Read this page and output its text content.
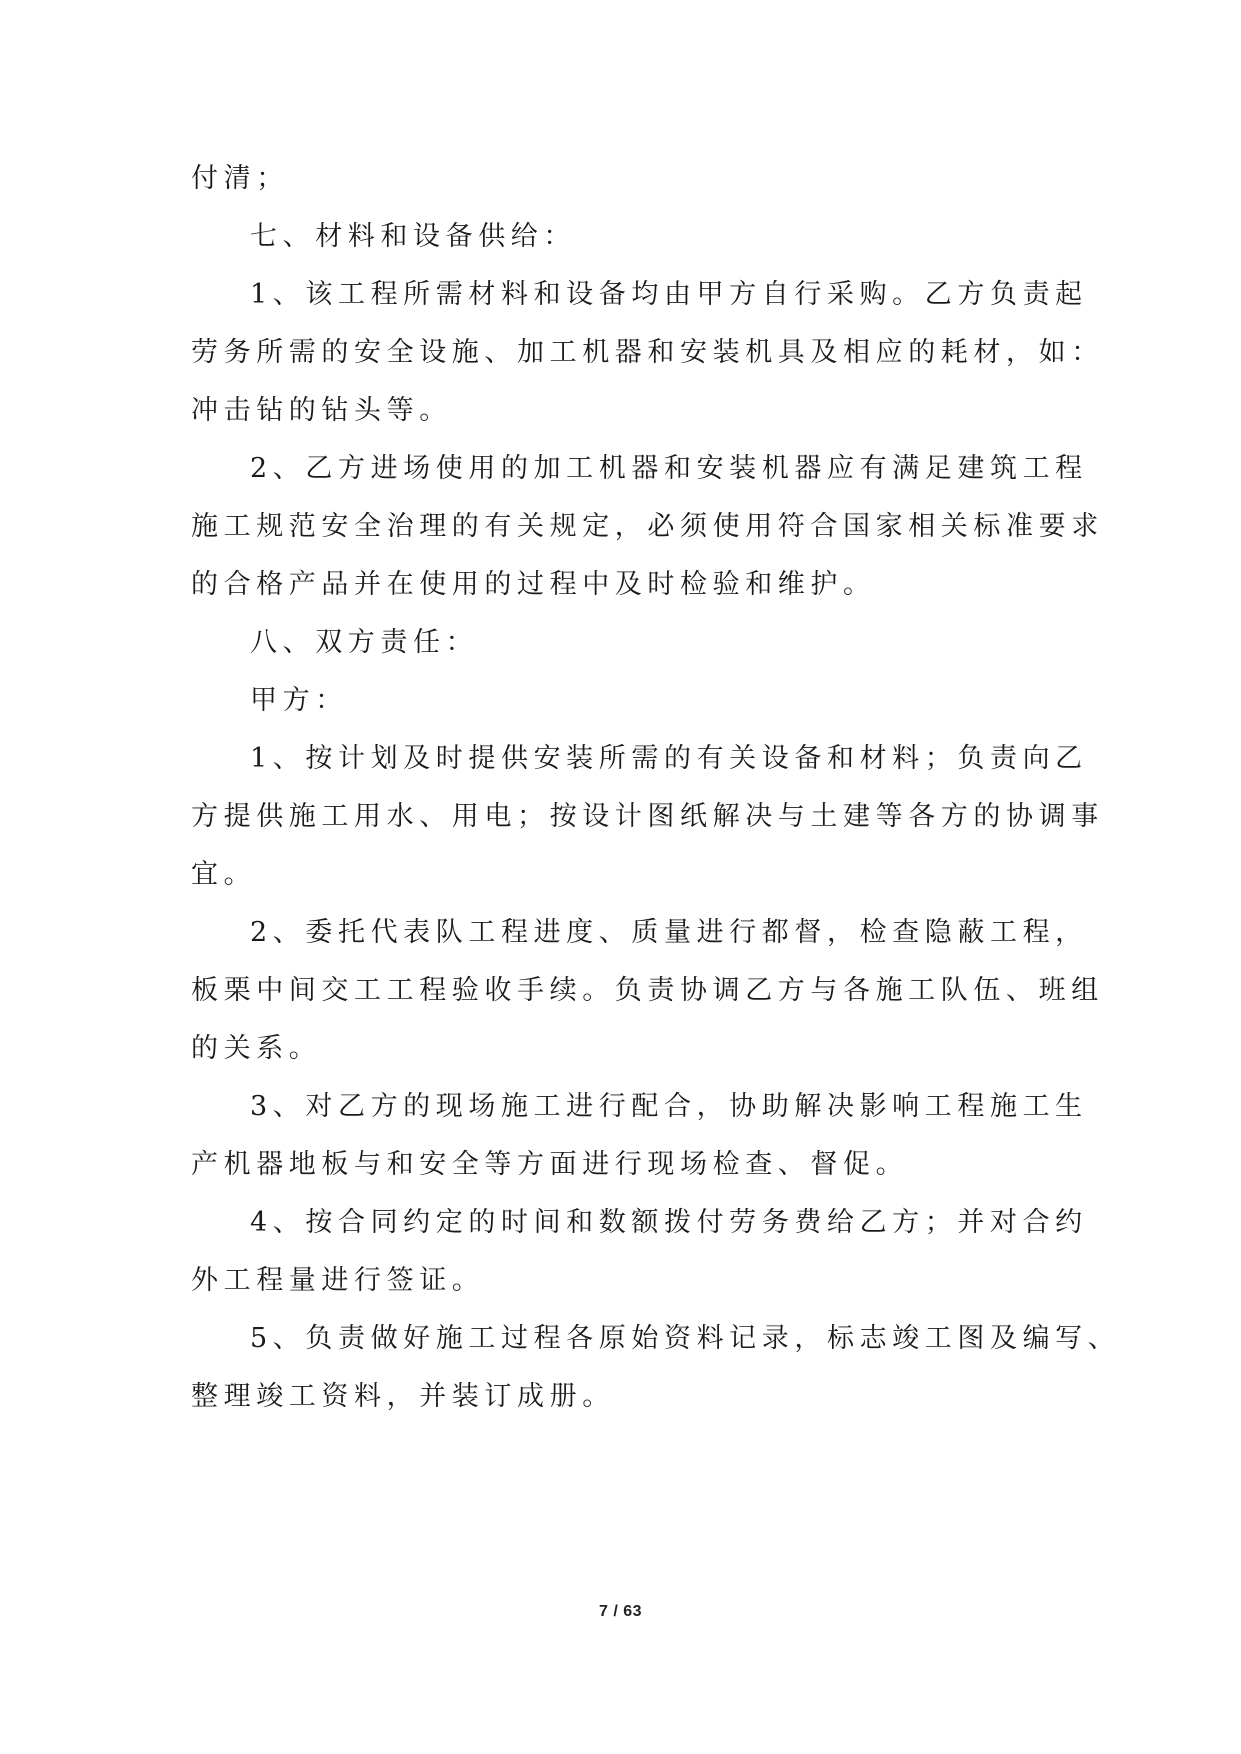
付清；
七、材料和设备供给：
1、该工程所需材料和设备均由甲方自行采购。乙方负责起
劳务所需的安全设施、加工机器和安装机具及相应的耗材，如：
冲击钻的钻头等。
2、乙方进场使用的加工机器和安装机器应有满足建筑工程
施工规范安全治理的有关规定，必须使用符合国家相关标准要求
的合格产品并在使用的过程中及时检验和维护。
八、双方责任：
甲方：
1、按计划及时提供安装所需的有关设备和材料；负责向乙
方提供施工用水、用电；按设计图纸解决与土建等各方的协调事
宜。
2、委托代表队工程进度、质量进行都督，检查隐蔽工程，
板栗中间交工工程验收手续。负责协调乙方与各施工队伍、班组
的关系。
3、对乙方的现场施工进行配合，协助解决影响工程施工生
产机器地板与和安全等方面进行现场检查、督促。
4、按合同约定的时间和数额拨付劳务费给乙方；并对合约
外工程量进行签证。
5、负责做好施工过程各原始资料记录，标志竣工图及编写、
整理竣工资料，并装订成册。
7 / 63
